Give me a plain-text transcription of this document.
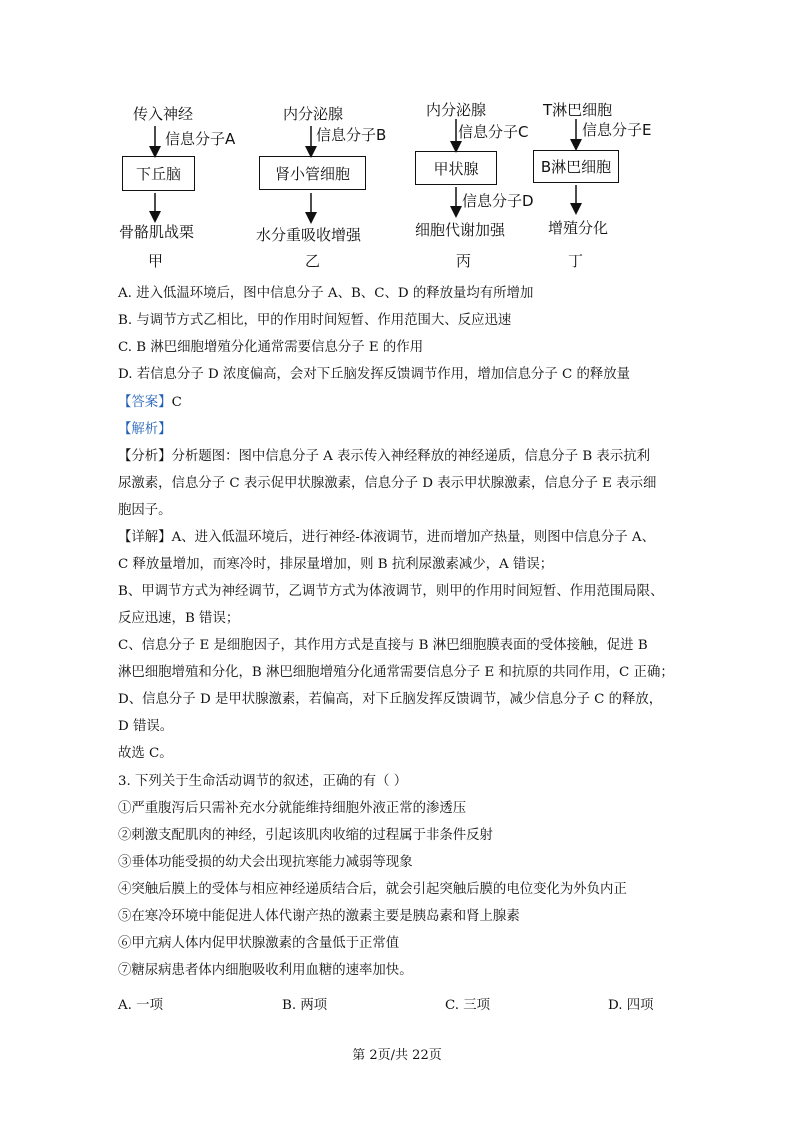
传入神经
信息分子A
下丘脑
骨骼肌战栗
甲
内分泌腺
信息分子B
肾小管细胞
水分重吸收增强
乙
内分泌腺
信息分子C
甲状腺
信息分子D
细胞代谢加强
丙
T淋巴细胞
信息分子E
B淋巴细胞
增殖分化
丁
A. 进入低温环境后，图中信息分子 A、B、C、D 的释放量均有所增加
B. 与调节方式乙相比，甲的作用时间短暂、作用范围大、反应迅速
C. B 淋巴细胞增殖分化通常需要信息分子 E 的作用
D. 若信息分子 D 浓度偏高，会对下丘脑发挥反馈调节作用，增加信息分子 C 的释放量
【答案】C
【解析】
【分析】分析题图：图中信息分子 A 表示传入神经释放的神经递质，信息分子 B 表示抗利
尿激素，信息分子 C 表示促甲状腺激素，信息分子 D 表示甲状腺激素，信息分子 E 表示细
胞因子。
【详解】A、进入低温环境后，进行神经-体液调节，进而增加产热量，则图中信息分子 A、
C 释放量增加，而寒冷时，排尿量增加，则 B 抗利尿激素减少，A 错误；
B、甲调节方式为神经调节，乙调节方式为体液调节，则甲的作用时间短暂、作用范围局限、
反应迅速，B 错误；
C、信息分子 E 是细胞因子，其作用方式是直接与 B 淋巴细胞膜表面的受体接触，促进 B
淋巴细胞增殖和分化，B 淋巴细胞增殖分化通常需要信息分子 E 和抗原的共同作用，C 正确；
D、信息分子 D 是甲状腺激素，若偏高，对下丘脑发挥反馈调节，减少信息分子 C 的释放，
D 错误。
故选 C。
3. 下列关于生命活动调节的叙述，正确的有（ ）
①严重腹泻后只需补充水分就能维持细胞外液正常的渗透压
②刺激支配肌肉的神经，引起该肌肉收缩的过程属于非条件反射
③垂体功能受损的幼犬会出现抗寒能力减弱等现象
④突触后膜上的受体与相应神经递质结合后，就会引起突触后膜的电位变化为外负内正
⑤在寒冷环境中能促进人体代谢产热的激素主要是胰岛素和肾上腺素
⑥甲亢病人体内促甲状腺激素的含量低于正常值
⑦糖尿病患者体内细胞吸收利用血糖的速率加快。
A. 一项	B. 两项	C. 三项	D. 四项
第 2页/共 22页
